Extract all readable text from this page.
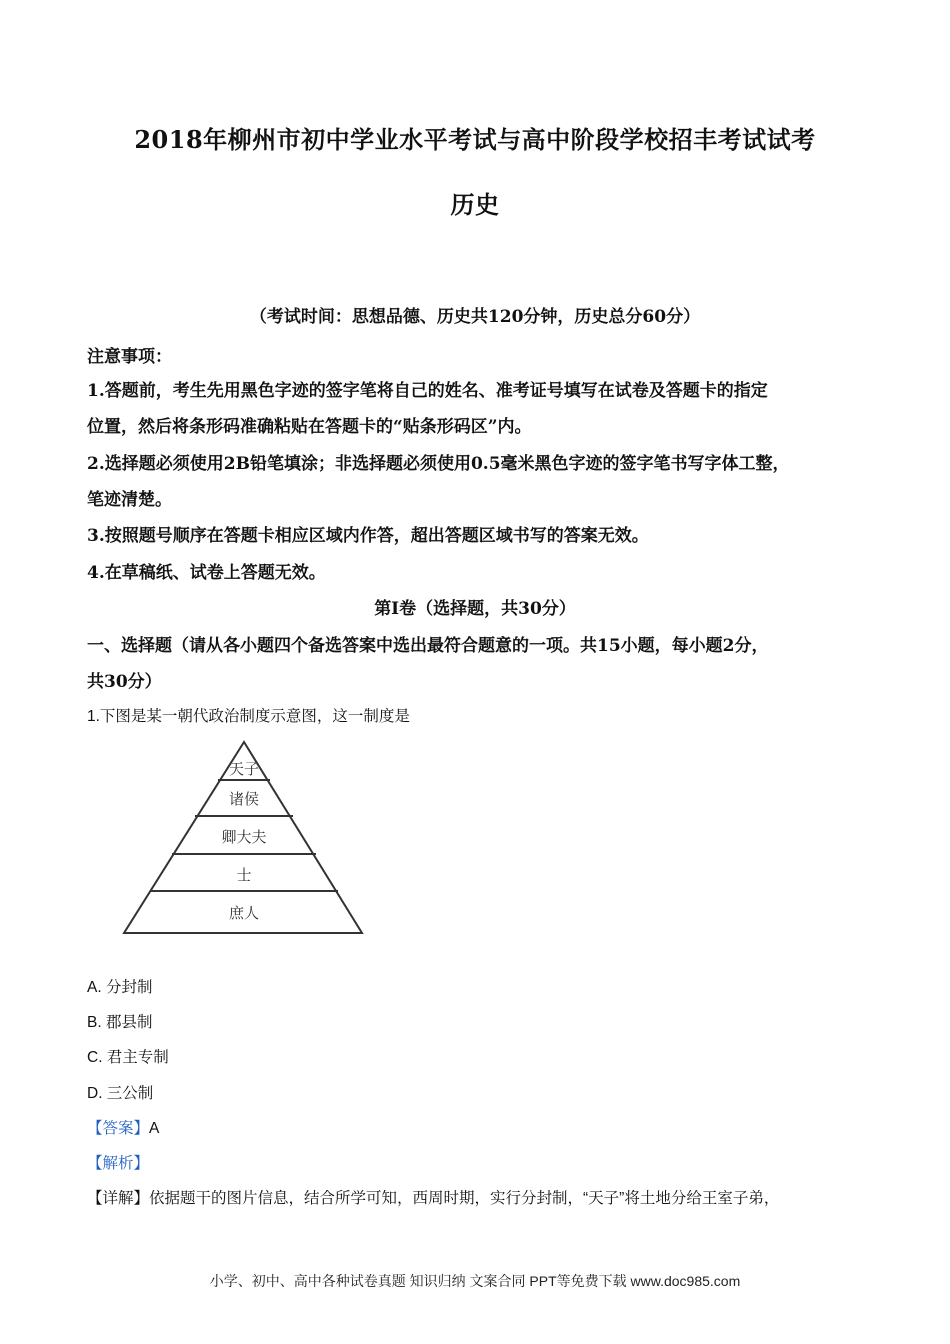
2018年柳州市初中学业水平考试与高中阶段学校招丰考试试考
历史
（考试时间：思想品德、历史共120分钟，历史总分60分）
注意事项：
1.答题前，考生先用黑色字迹的签字笔将自己的姓名、准考证号填写在试卷及答题卡的指定
位置，然后将条形码准确粘贴在答题卡的“贴条形码区”内。
2.选择题必须使用2B铅笔填涂；非选择题必须使用0.5毫米黑色字迹的签字笔书写字体工整，
笔迹清楚。
3.按照题号顺序在答题卡相应区域内作答，超出答题区域书写的答案无效。
4.在草稿纸、试卷上答题无效。
第Ⅰ卷（选择题，共30分）
一、选择题（请从各小题四个备选答案中选出最符合题意的一项。共15小题，每小题2分，
共30分）
1.下图是某一朝代政治制度示意图，这一制度是
天子
诸侯
卿大夫
士
庶人
A. 分封制
B. 郡县制
C. 君主专制
D. 三公制
【答案】A
【解析】
【详解】依据题干的图片信息，结合所学可知，西周时期，实行分封制，“天子”将土地分给王室子弟，
小学、初中、高中各种试卷真题 知识归纳 文案合同 PPT等免费下载 www.doc985.com
